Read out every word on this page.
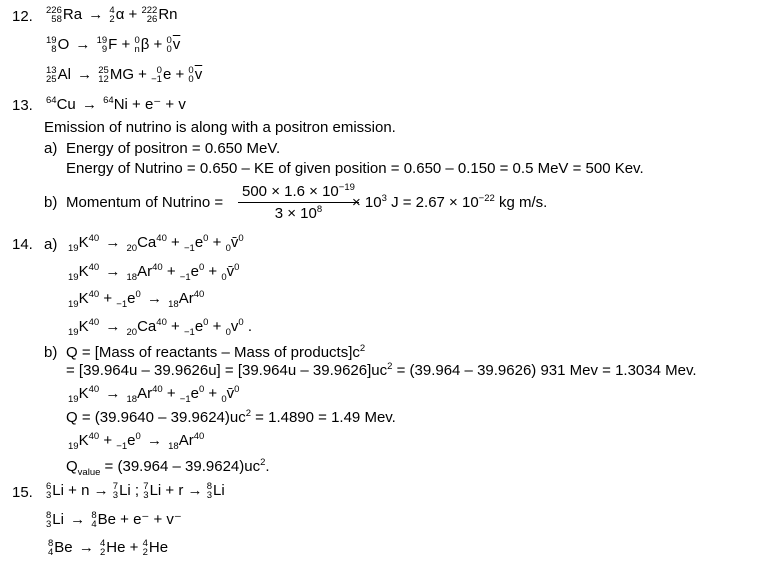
12. 226
58 Ra → 4
2 α + 222
26 Rn
19
8 O → 19
9 F + 0
n β + 0
0 $\overline{v}$
13
25 Al → 25
12 MG + 0
−1 e + 0
0 $\overline{v}$
13. $^{64}$Cu → $^{64}$Ni + e⁻ + v
Emission of nutrino is along with a positron emission.
a) Energy of positron = 0.650 MeV.
Energy of Nutrino = 0.650 – KE of given position = 0.650 – 0.150 = 0.5 MeV = 500 Kev.
b) Momentum of Nutrino = $\frac{500 \times 1.6 \times 10^{-19}}{3 \times 10^8}$
× $10^3$ $J = 2.67 \times 10^{-22}$ kg m/s.
14. a) $_{19}K^{40} \to _{20}Ca^{40} + _{-1}e^0$ + $_0$v̄$^0$
$_{19}K^{40} \to _{18}Ar^{40} + _{-1}e^0$ + $_0$v̄$^0$
$_{19}K^{40} + _{-1}e^0 \to _{18}Ar^{40}$
$_{19}K^{40} \to _{20}Ca^{40} + _{-1}e^0 + _0v^0$ .
b) Q = [Mass of reactants – Mass of $products]c^2$
= $[39.964u - 39.9626u] = [39.964u - 39.9626]uc^2 = (39.964 - 39.9626)$ 931 Mev = 1.3034 Mev.
$_{19}K^{40} \to _{18}Ar^{40} + _{-1}e^0$ + $_0$v̄$^0$
$Q = (39.9640 - 39.9624)uc^2 = 1.4890 = 1.49$ Mev.
$_{19}K^{40} + _{-1}e^0 \to _{18}Ar^{40}$
$Q_{value} = (39.964 - 39.9624)uc^2$.
15. 6
3 Li + n → 7
3 Li ; 7
3 Li + r → 8
3 Li
8
3 Li → 8
4 Be + e⁻ + v⁻
8
4 Be → 4
2 He + 4
2 He
